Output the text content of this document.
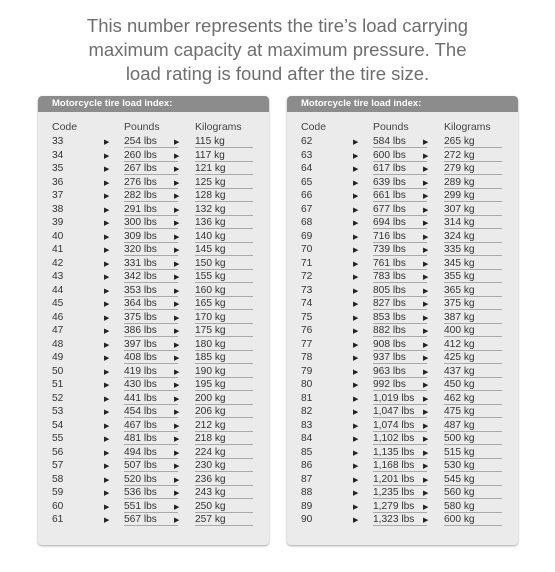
This number represents the tire’s load carrying
maximum capacity at maximum pressure. The
load rating is found after the tire size.
Motorcycle tire load index:
Code	Pounds	Kilograms
33	▶ 254 lbs ▶ 115 kg
34	▶ 260 lbs ▶ 117 kg
35	▶ 267 lbs ▶ 121 kg
36	▶ 276 lbs ▶ 125 kg
37	▶ 282 lbs ▶ 128 kg
38	▶ 291 lbs ▶ 132 kg
39	▶ 300 lbs ▶ 136 kg
40	▶ 309 lbs ▶ 140 kg
41	▶ 320 lbs ▶ 145 kg
42	▶ 331 lbs ▶ 150 kg
43	▶ 342 lbs ▶ 155 kg
44	▶ 353 lbs ▶ 160 kg
45	▶ 364 lbs ▶ 165 kg
46	▶ 375 lbs ▶ 170 kg
47	▶ 386 lbs ▶ 175 kg
48	▶ 397 lbs ▶ 180 kg
49	▶ 408 lbs ▶ 185 kg
50	▶ 419 lbs ▶ 190 kg
51	▶ 430 lbs ▶ 195 kg
52	▶ 441 lbs ▶ 200 kg
53	▶ 454 lbs ▶ 206 kg
54	▶ 467 lbs ▶ 212 kg
55	▶ 481 lbs ▶ 218 kg
56	▶ 494 lbs ▶ 224 kg
57	▶ 507 lbs ▶ 230 kg
58	▶ 520 lbs ▶ 236 kg
59	▶ 536 lbs ▶ 243 kg
60	▶ 551 lbs ▶ 250 kg
61	▶ 567 lbs ▶ 257 kg
Motorcycle tire load index:
Code	Pounds	Kilograms
62	▶ 584 lbs ▶ 265 kg
63	▶ 600 lbs ▶ 272 kg
64	▶ 617 lbs ▶ 279 kg
65	▶ 639 lbs ▶ 289 kg
66	▶ 661 lbs ▶ 299 kg
67	▶ 677 lbs ▶ 307 kg
68	▶ 694 lbs ▶ 314 kg
69	▶ 716 lbs ▶ 324 kg
70	▶ 739 lbs ▶ 335 kg
71	▶ 761 lbs ▶ 345 kg
72	▶ 783 lbs ▶ 355 kg
73	▶ 805 lbs ▶ 365 kg
74	▶ 827 lbs ▶ 375 kg
75	▶ 853 lbs ▶ 387 kg
76	▶ 882 lbs ▶ 400 kg
77	▶ 908 lbs ▶ 412 kg
78	▶ 937 lbs ▶ 425 kg
79	▶ 963 lbs ▶ 437 kg
80	▶ 992 lbs ▶ 450 kg
81	▶ 1,019 lbs ▶ 462 kg
82	▶ 1,047 lbs ▶ 475 kg
83	▶ 1,074 lbs ▶ 487 kg
84	▶ 1,102 lbs ▶ 500 kg
85	▶ 1,135 lbs ▶ 515 kg
86	▶ 1,168 lbs ▶ 530 kg
87	▶ 1,201 lbs ▶ 545 kg
88	▶ 1,235 lbs ▶ 560 kg
89	▶ 1,279 lbs ▶ 580 kg
90	▶ 1,323 lbs ▶ 600 kg
